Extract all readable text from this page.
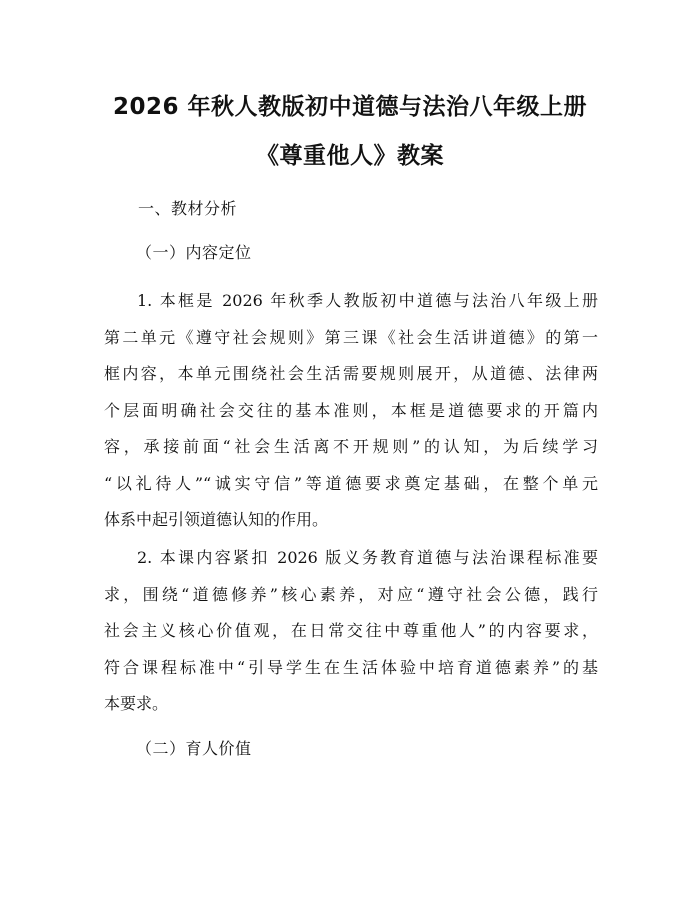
2026 年秋人教版初中道德与法治八年级上册
《尊重他人》教案
一、教材分析
（一）内容定位
1. 本框是 2026 年秋季人教版初中道德与法治八年级上册
第二单元《遵守社会规则》第三课《社会生活讲道德》的第一
框内容，本单元围绕社会生活需要规则展开，从道德、法律两
个层面明确社会交往的基本准则，本框是道德要求的开篇内
容，承接前面“社会生活离不开规则”的认知，为后续学习
“以礼待人”“诚实守信”等道德要求奠定基础，在整个单元
体系中起引领道德认知的作用。
2. 本课内容紧扣 2026 版义务教育道德与法治课程标准要
求，围绕“道德修养”核心素养，对应“遵守社会公德，践行
社会主义核心价值观，在日常交往中尊重他人”的内容要求，
符合课程标准中“引导学生在生活体验中培育道德素养”的基
本要求。
（二）育人价值
